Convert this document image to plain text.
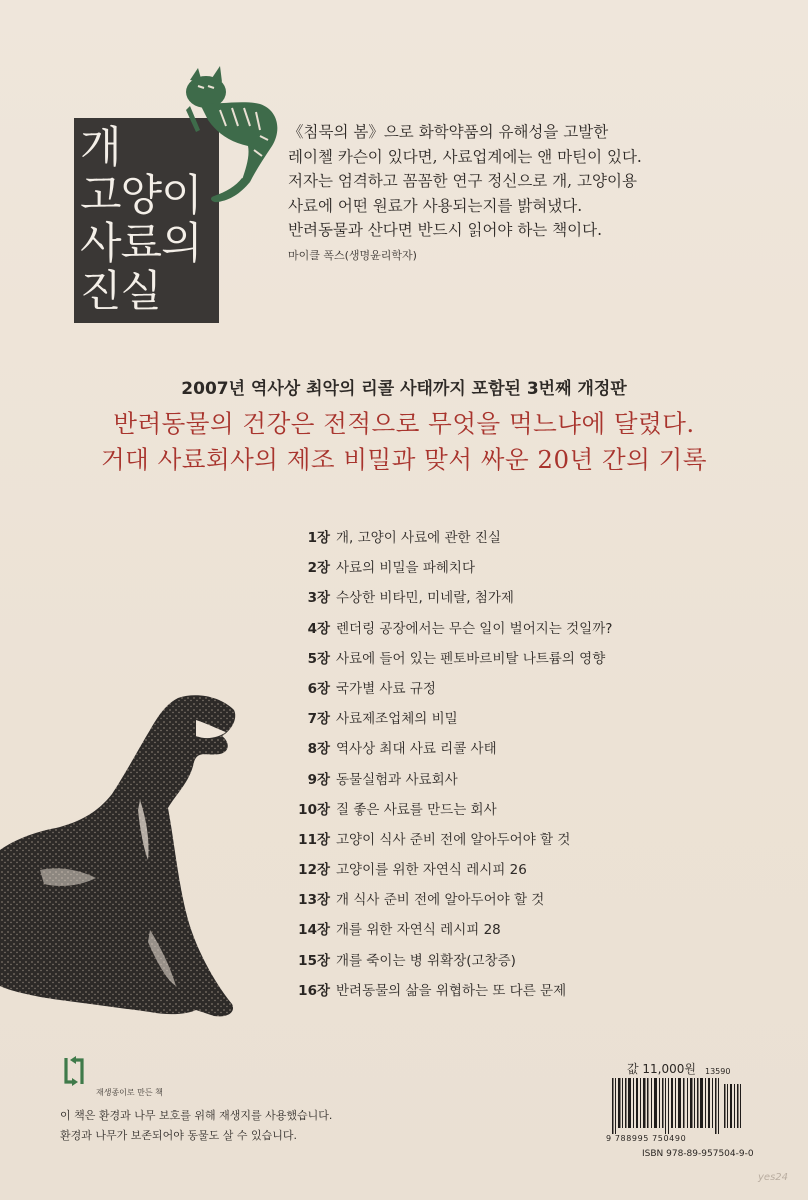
개
고양이
사료의
진실

《침묵의 봄》으로 화학약품의 유해성을 고발한

레이첼 카슨이 있다면, 사료업계에는 앤 마틴이 있다.

저자는 엄격하고 꼼꼼한 연구 정신으로 개, 고양이용

사료에 어떤 원료가 사용되는지를 밝혀냈다.

반려동물과 산다면 반드시 읽어야 하는 책이다.

마이클 폭스(생명윤리학자)
2007년 역사상 최악의 리콜 사태까지 포함된 3번째 개정판
반려동물의 건강은 전적으로 무엇을 먹느냐에 달렸다.
거대 사료회사의 제조 비밀과 맞서 싸운 20년 간의 기록
1장 개, 고양이 사료에 관한 진실
2장 사료의 비밀을 파헤치다
3장 수상한 비타민, 미네랄, 첨가제
4장 렌더링 공장에서는 무슨 일이 벌어지는 것일까?
5장 사료에 들어 있는 펜토바르비탈 나트륨의 영향
6장 국가별 사료 규정
7장 사료제조업체의 비밀
8장 역사상 최대 사료 리콜 사태
9장 동물실험과 사료회사
10장 질 좋은 사료를 만드는 회사
11장 고양이 식사 준비 전에 알아두어야 할 것
12장 고양이를 위한 자연식 레시피 26
13장 개 식사 준비 전에 알아두어야 할 것
14장 개를 위한 자연식 레시피 28
15장 개를 죽이는 병 위확장(고창증)
16장 반려동물의 삶을 위협하는 또 다른 문제
재생종이로 만든 책
이 책은 환경과 나무 보호를 위해 재생지를 사용했습니다.
환경과 나무가 보존되어야 동물도 살 수 있습니다.
값 11,000원 13590
9 788995 750490
ISBN 978-89-957504-9-0
yes24
